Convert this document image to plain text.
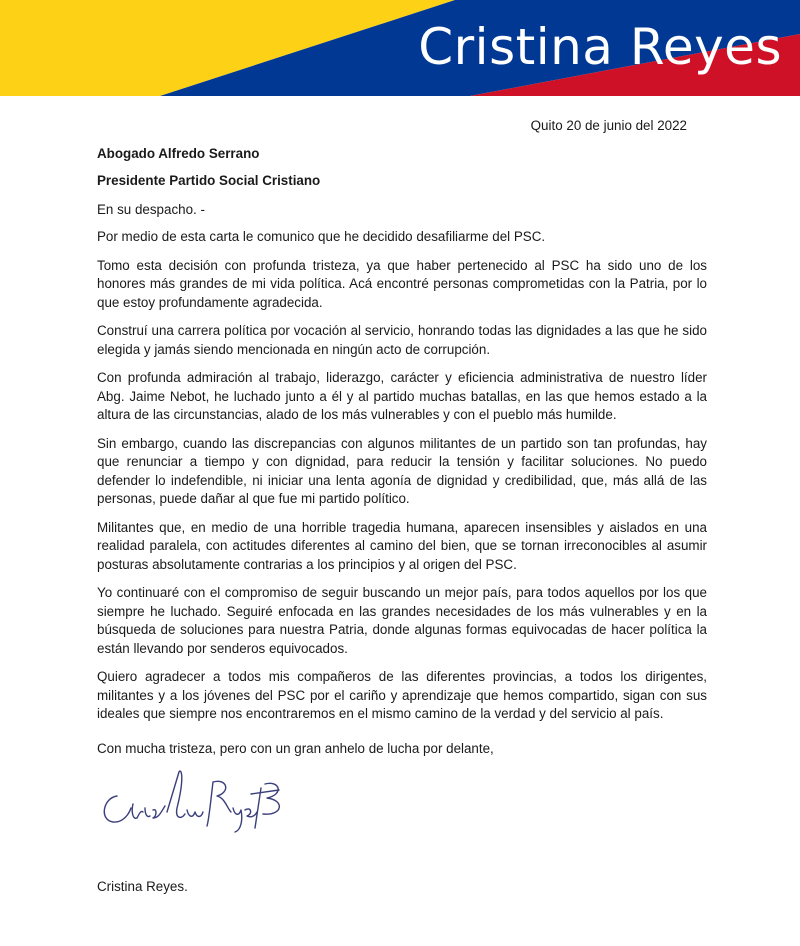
Cristina Reyes
Quito 20 de junio del 2022
Abogado Alfredo Serrano
Presidente Partido Social Cristiano
En su despacho. -

Por medio de esta carta le comunico que he decidido desafiliarme del PSC.

Tomo esta decisión con profunda tristeza, ya que haber pertenecido al PSC ha sido uno de los honores más grandes de mi vida política. Acá encontré personas comprometidas con la Patria, por lo que estoy profundamente agradecida.

Construí una carrera política por vocación al servicio, honrando todas las dignidades a las que he sido elegida y jamás siendo mencionada en ningún acto de corrupción.

Con profunda admiración al trabajo, liderazgo, carácter y eficiencia administrativa de nuestro líder Abg. Jaime Nebot, he luchado junto a él y al partido muchas batallas, en las que hemos estado a la altura de las circunstancias, alado de los más vulnerables y con el pueblo más humilde.

Sin embargo, cuando las discrepancias con algunos militantes de un partido son tan profundas, hay que renunciar a tiempo y con dignidad, para reducir la tensión y facilitar soluciones. No puedo defender lo indefendible, ni iniciar una lenta agonía de dignidad y credibilidad, que, más allá de las personas, puede dañar al que fue mi partido político.

Militantes que, en medio de una horrible tragedia humana, aparecen insensibles y aislados en una realidad paralela, con actitudes diferentes al camino del bien, que se tornan irreconocibles al asumir posturas absolutamente contrarias a los principios y al origen del PSC.

Yo continuaré con el compromiso de seguir buscando un mejor país, para todos aquellos por los que siempre he luchado. Seguiré enfocada en las grandes necesidades de los más vulnerables y en la búsqueda de soluciones para nuestra Patria, donde algunas formas equivocadas de hacer política la están llevando por senderos equivocados.

Quiero agradecer a todos mis compañeros de las diferentes provincias, a todos los dirigentes, militantes y a los jóvenes del PSC por el cariño y aprendizaje que hemos compartido, sigan con sus ideales que siempre nos encontraremos en el mismo camino de la verdad y del servicio al país.

Con mucha tristeza, pero con un gran anhelo de lucha por delante,
Cristina Reyes.
